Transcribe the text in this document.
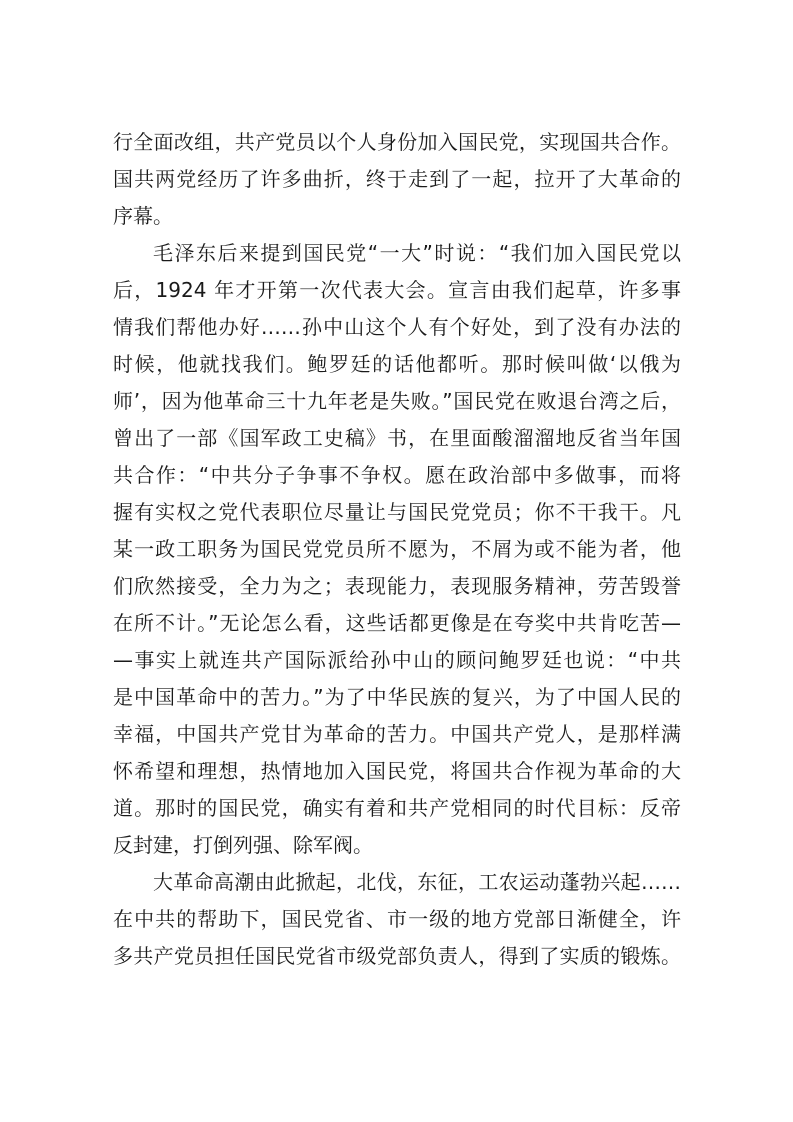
行全面改组，共产党员以个人身份加入国民党，实现国共合作。
国共两党经历了许多曲折，终于走到了一起，拉开了大革命的
序幕。
毛泽东后来提到国民党“一大”时说：“我们加入国民党以
后，1924 年才开第一次代表大会。宣言由我们起草，许多事
情我们帮他办好……孙中山这个人有个好处，到了没有办法的
时候，他就找我们。鲍罗廷的话他都听。那时候叫做‘以俄为
师’，因为他革命三十九年老是失败。”国民党在败退台湾之后，
曾出了一部《国军政工史稿》书，在里面酸溜溜地反省当年国
共合作：“中共分子争事不争权。愿在政治部中多做事，而将
握有实权之党代表职位尽量让与国民党党员；你不干我干。凡
某一政工职务为国民党党员所不愿为，不屑为或不能为者，他
们欣然接受，全力为之；表现能力，表现服务精神，劳苦毁誉
在所不计。”无论怎么看，这些话都更像是在夸奖中共肯吃苦—
—事实上就连共产国际派给孙中山的顾问鲍罗廷也说：“中共
是中国革命中的苦力。”为了中华民族的复兴，为了中国人民的
幸福，中国共产党甘为革命的苦力。中国共产党人，是那样满
怀希望和理想，热情地加入国民党，将国共合作视为革命的大
道。那时的国民党，确实有着和共产党相同的时代目标：反帝
反封建，打倒列强、除军阀。
大革命高潮由此掀起，北伐，东征，工农运动蓬勃兴起……
在中共的帮助下，国民党省、市一级的地方党部日渐健全，许
多共产党员担任国民党省市级党部负责人，得到了实质的锻炼。
